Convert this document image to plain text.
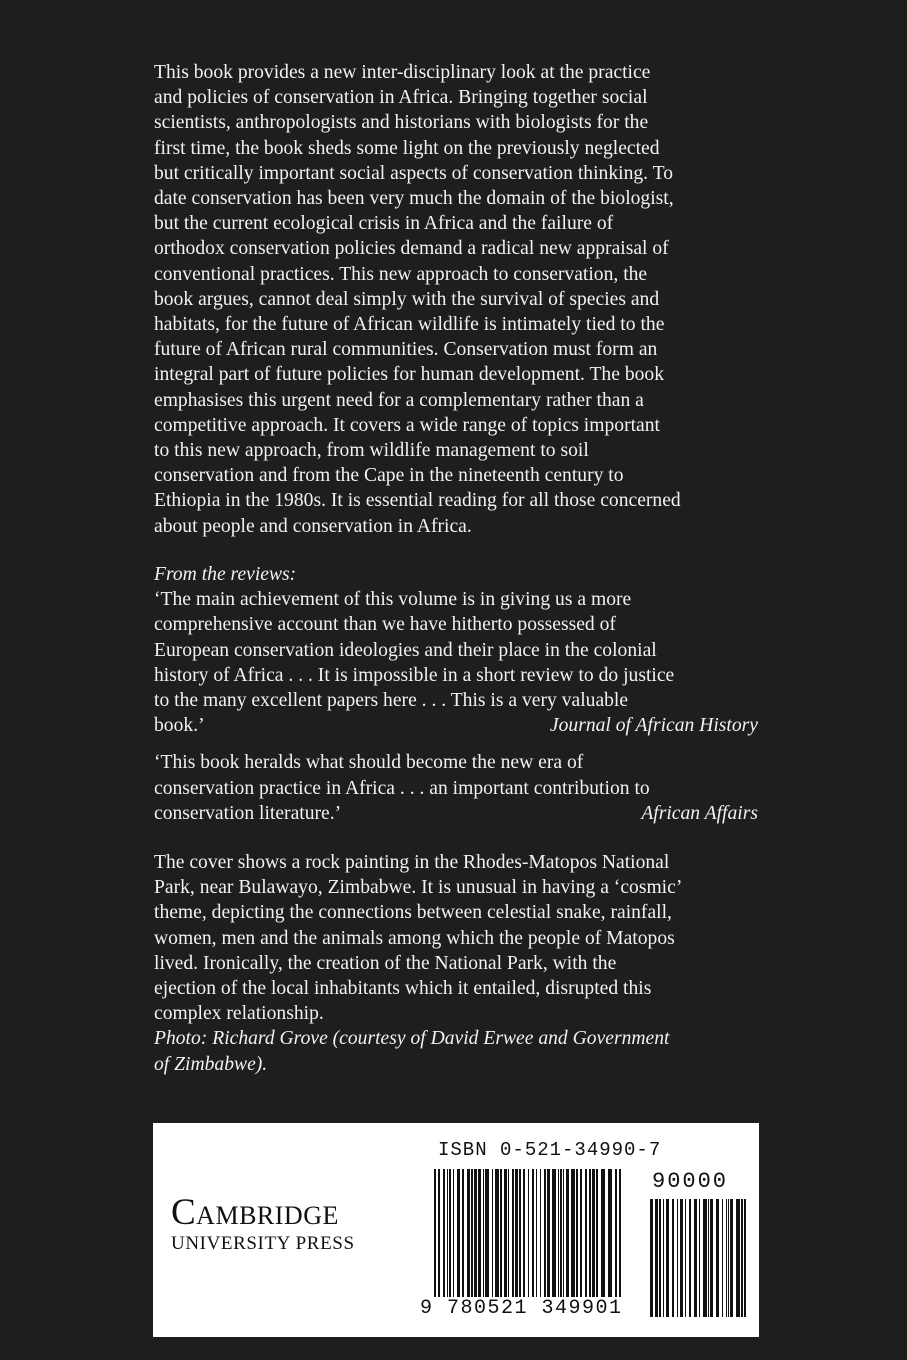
This book provides a new inter-disciplinary look at the practice

and policies of conservation in Africa. Bringing together social

scientists, anthropologists and historians with biologists for the

first time, the book sheds some light on the previously neglected

but critically important social aspects of conservation thinking. To

date conservation has been very much the domain of the biologist,

but the current ecological crisis in Africa and the failure of

orthodox conservation policies demand a radical new appraisal of

conventional practices. This new approach to conservation, the

book argues, cannot deal simply with the survival of species and

habitats, for the future of African wildlife is intimately tied to the

future of African rural communities. Conservation must form an

integral part of future policies for human development. The book

emphasises this urgent need for a complementary rather than a

competitive approach. It covers a wide range of topics important

to this new approach, from wildlife management to soil

conservation and from the Cape in the nineteenth century to

Ethiopia in the 1980s. It is essential reading for all those concerned

about people and conservation in Africa.

From the reviews:

‘The main achievement of this volume is in giving us a more

comprehensive account than we have hitherto possessed of

European conservation ideologies and their place in the colonial

history of Africa . . . It is impossible in a short review to do justice

to the many excellent papers here . . . This is a very valuable

book.’	Journal of African History

‘This book heralds what should become the new era of

conservation practice in Africa . . . an important contribution to

conservation literature.’	African Affairs

The cover shows a rock painting in the Rhodes-Matopos National

Park, near Bulawayo, Zimbabwe. It is unusual in having a ‘cosmic’

theme, depicting the connections between celestial snake, rainfall,

women, men and the animals among which the people of Matopos

lived. Ironically, the creation of the National Park, with the

ejection of the local inhabitants which it entailed, disrupted this

complex relationship.

Photo: Richard Grove (courtesy of David Erwee and Government

of Zimbabwe).

Cambridge
UNIVERSITY PRESS
ISBN 0-521-34990-7
90000
9 780521 349901
